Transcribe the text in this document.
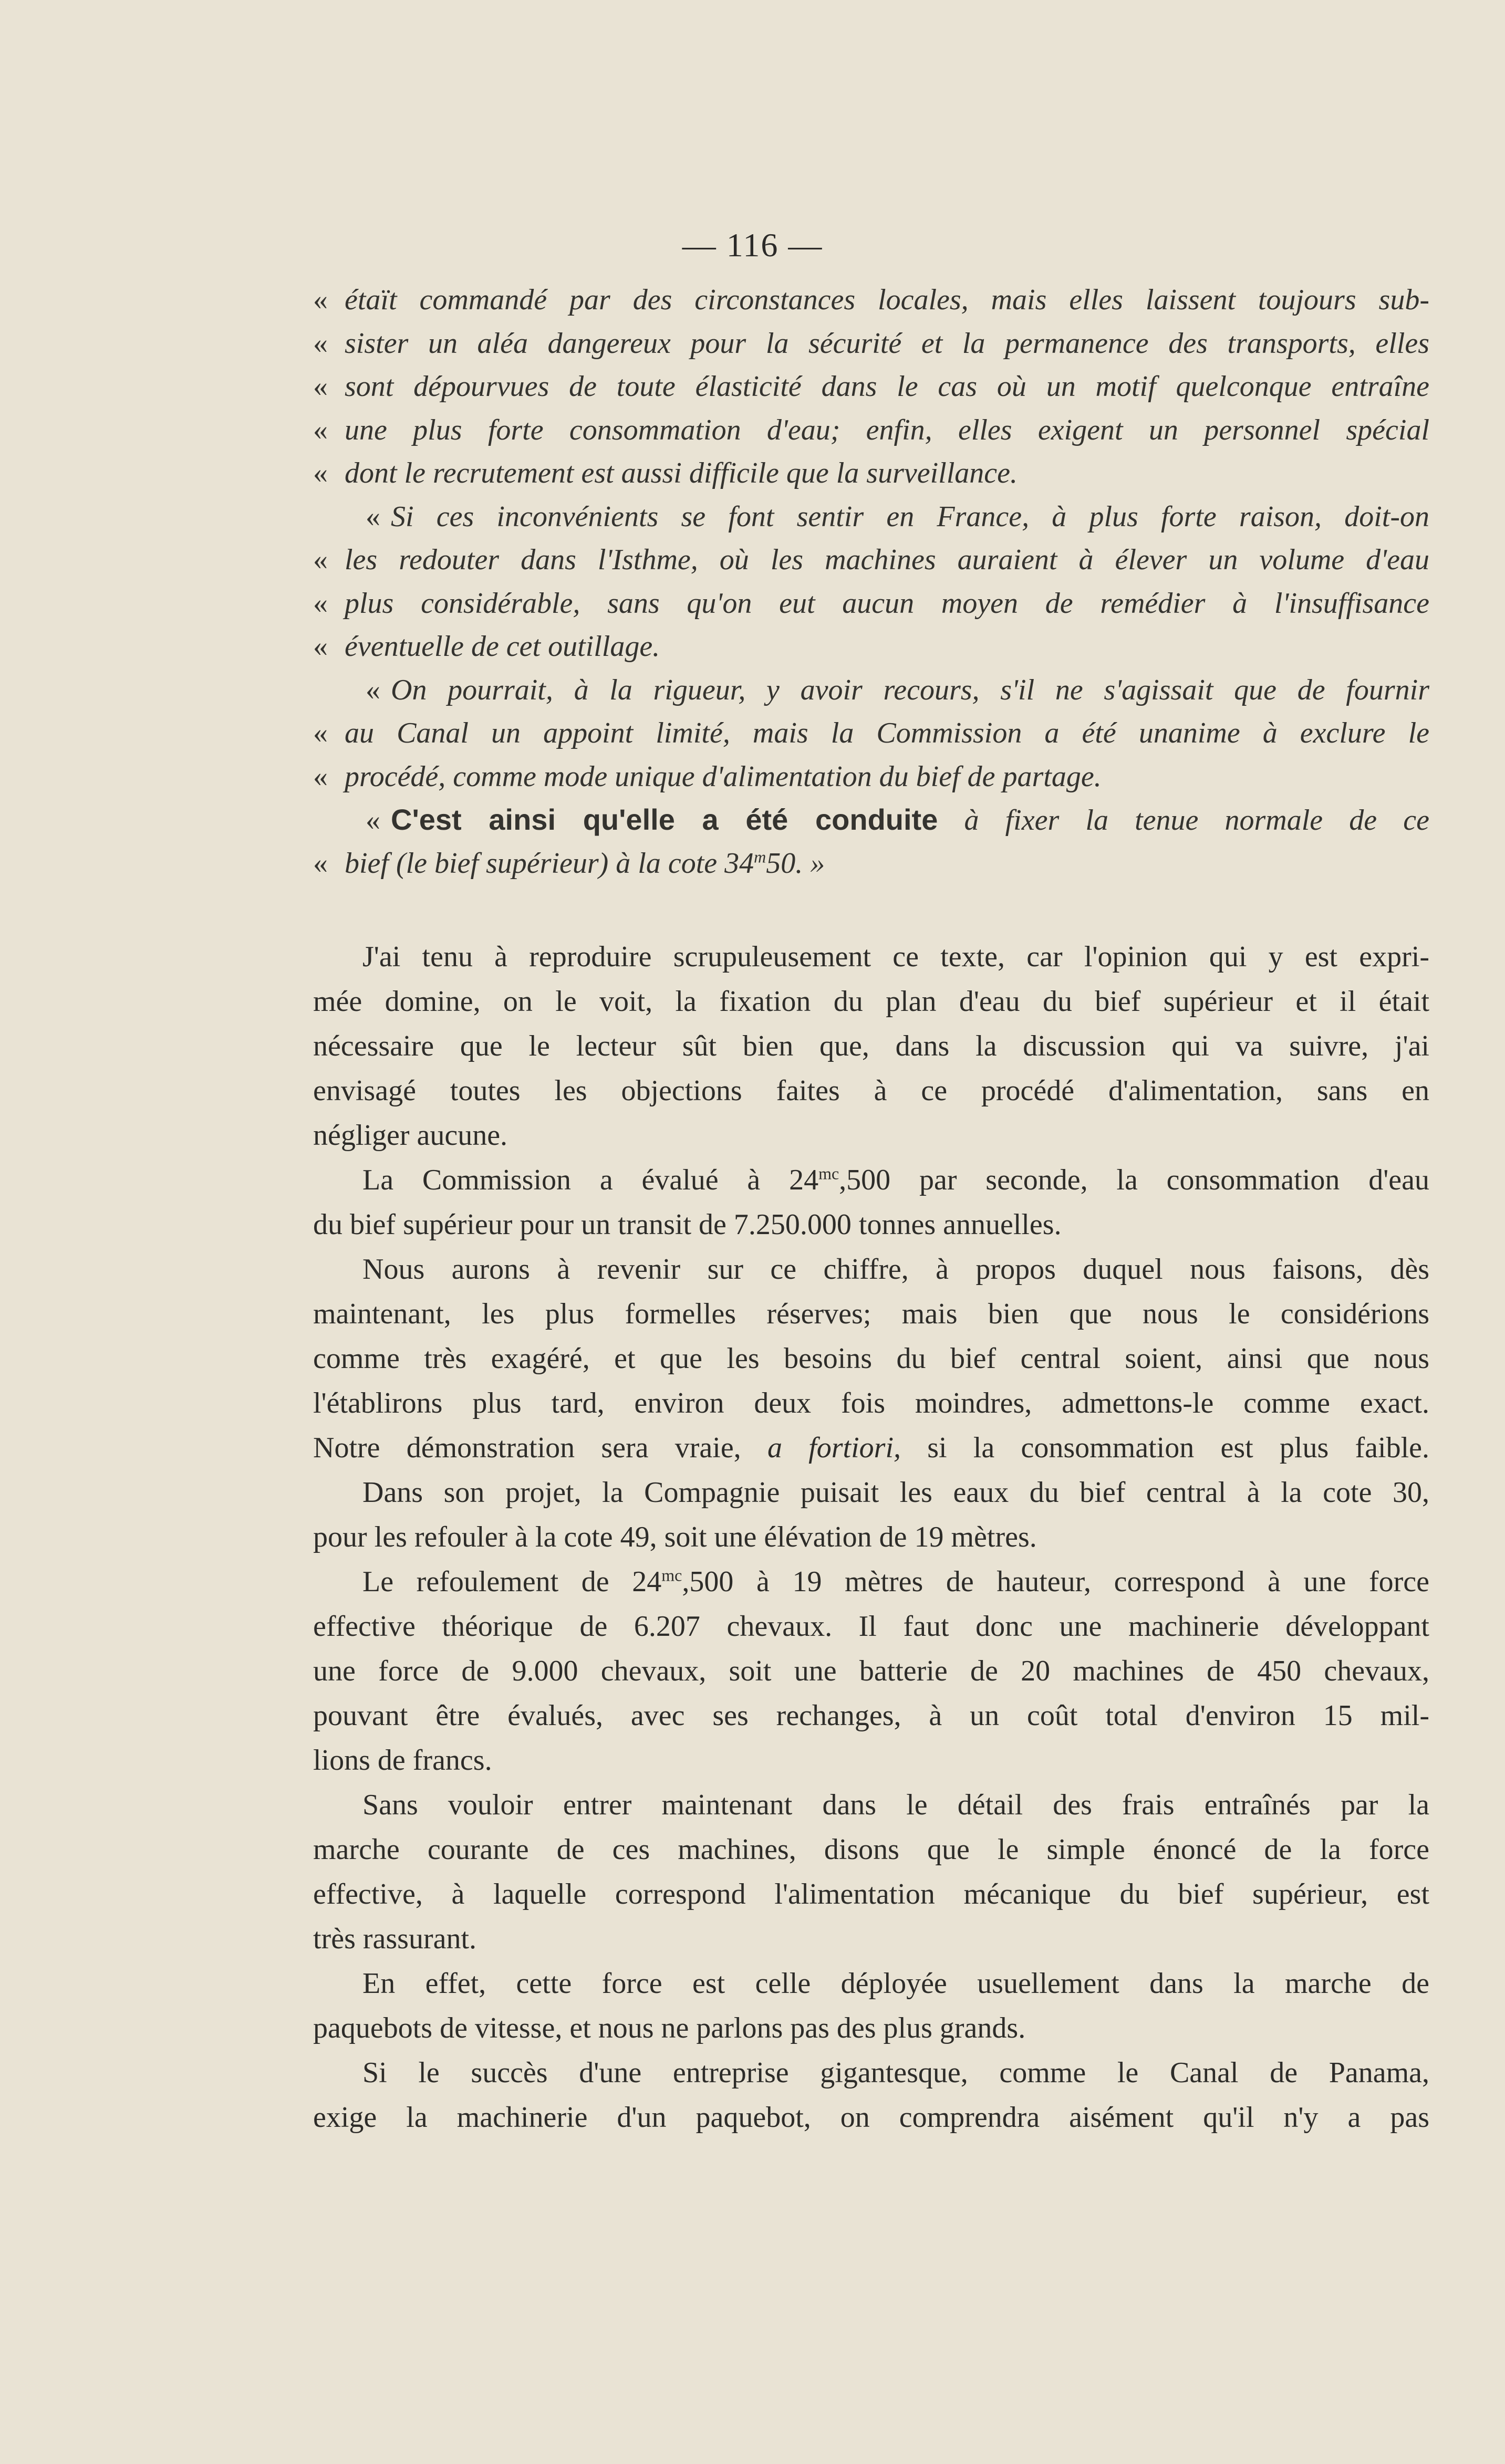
— 116 —
« étaït commandé par des circonstances locales, mais elles laissent toujours sub-
« sister un aléa dangereux pour la sécurité et la permanence des transports, elles
« sont dépourvues de toute élasticité dans le cas où un motif quelconque entraîne
« une plus forte consommation d'eau; enfin, elles exigent un personnel spécial
« dont le recrutement est aussi difficile que la surveillance.
« Si ces inconvénients se font sentir en France, à plus forte raison, doit-on
« les redouter dans l'Isthme, où les machines auraient à élever un volume d'eau
« plus considérable, sans qu'on eut aucun moyen de remédier à l'insuffisance
« éventuelle de cet outillage.
« On pourrait, à la rigueur, y avoir recours, s'il ne s'agissait que de fournir
« au Canal un appoint limité, mais la Commission a été unanime à exclure le
« procédé, comme mode unique d'alimentation du bief de partage.
« C'est ainsi qu'elle a été conduite à fixer la tenue normale de ce
« bief (le bief supérieur) à la cote 34$^m$50. »

J'ai tenu à reproduire scrupuleusement ce texte, car l'opinion qui y est expri-
mée domine, on le voit, la fixation du plan d'eau du bief supérieur et il était
nécessaire que le lecteur sût bien que, dans la discussion qui va suivre, j'ai
envisagé toutes les objections faites à ce procédé d'alimentation, sans en
négliger aucune.

La Commission a évalué à $24^{mc},500$ par seconde, la consommation d'eau
du bief supérieur pour un transit de 7.250.000 tonnes annuelles.

Nous aurons à revenir sur ce chiffre, à propos duquel nous faisons, dès
maintenant, les plus formelles réserves; mais bien que nous le considérions
comme très exagéré, et que les besoins du bief central soient, ainsi que nous
l'établirons plus tard, environ deux fois moindres, admettons-le comme exact.
Notre démonstration sera vraie, a fortiori, si la consommation est plus faible.

Dans son projet, la Compagnie puisait les eaux du bief central à la cote 30,
pour les refouler à la cote 49, soit une élévation de 19 mètres.

Le refoulement de $24^{mc},500$ à 19 mètres de hauteur, correspond à une force
effective théorique de 6.207 chevaux. Il faut donc une machinerie développant
une force de 9.000 chevaux, soit une batterie de 20 machines de 450 chevaux,
pouvant être évalués, avec ses rechanges, à un coût total d'environ 15 mil-
lions de francs.

Sans vouloir entrer maintenant dans le détail des frais entraînés par la
marche courante de ces machines, disons que le simple énoncé de la force
effective, à laquelle correspond l'alimentation mécanique du bief supérieur, est
très rassurant.

En effet, cette force est celle déployée usuellement dans la marche de
paquebots de vitesse, et nous ne parlons pas des plus grands.

Si le succès d'une entreprise gigantesque, comme le Canal de Panama,
exige la machinerie d'un paquebot, on comprendra aisément qu'il n'y a pas
